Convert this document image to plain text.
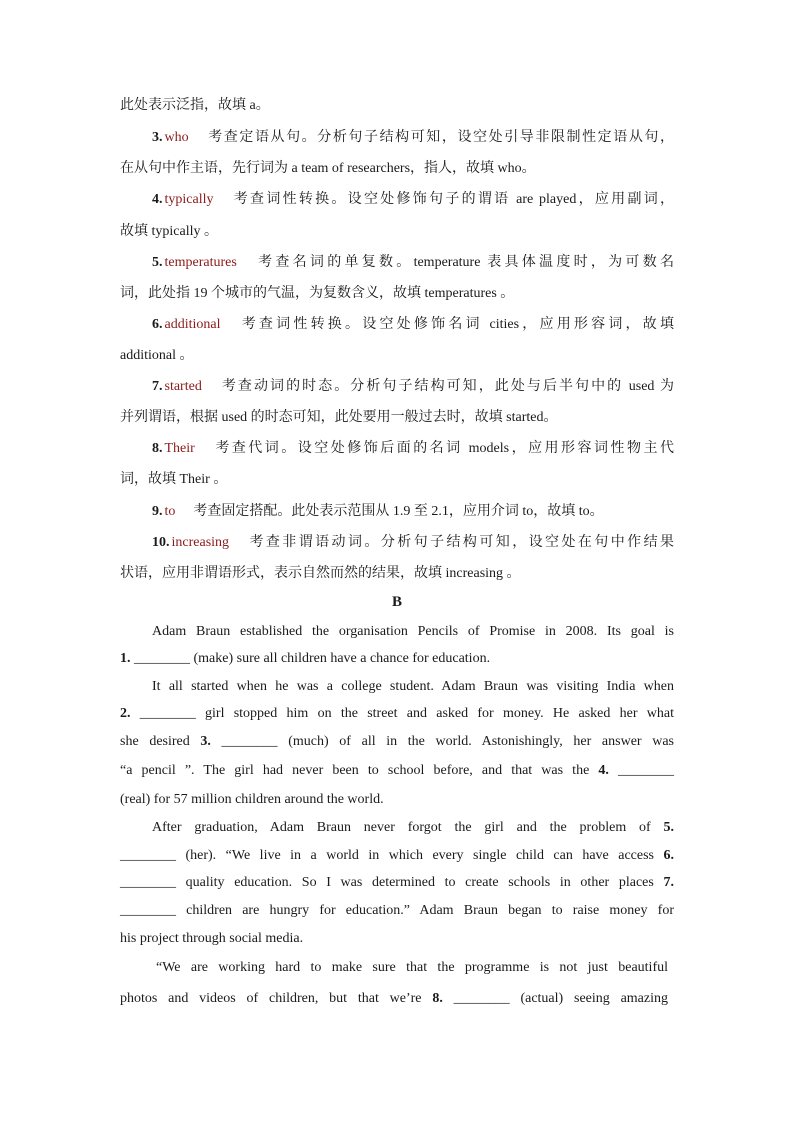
此处表示泛指，故填 a。
3. who 考查定语从句。分析句子结构可知，设空处引导非限制性定语从句，
在从句中作主语，先行词为 a team of researchers，指人，故填 who。
4. typically 考查词性转换。设空处修饰句子的谓语 are played，应用副词，
故填 typically 。
5. temperatures 考查名词的单复数。temperature 表具体温度时，为可数名
词，此处指 19 个城市的气温，为复数含义，故填 temperatures 。
6. additional 考查词性转换。设空处修饰名词 cities，应用形容词，故填
additional 。
7. started 考查动词的时态。分析句子结构可知，此处与后半句中的 used 为
并列谓语，根据 used 的时态可知，此处要用一般过去时，故填 started。
8. Their 考查代词。设空处修饰后面的名词 models，应用形容词性物主代
词，故填 Their 。
9. to 考查固定搭配。此处表示范围从 1.9 至 2.1，应用介词 to，故填 to。
10. increasing 考查非谓语动词。分析句子结构可知，设空处在句中作结果
状语，应用非谓语形式，表示自然而然的结果，故填 increasing 。
B
Adam Braun established the organisation Pencils of Promise in 2008. Its goal is
1. ________ (make) sure all children have a chance for education.
It all started when he was a college student. Adam Braun was visiting India when
2. ________ girl stopped him on the street and asked for money. He asked her what
she desired 3. ________ (much) of all in the world. Astonishingly, her answer was
“a pencil ”. The girl had never been to school before, and that was the 4. ________
(real) for 57 million children around the world.
After graduation, Adam Braun never forgot the girl and the problem of 5.
________ (her). “We live in a world in which every single child can have access 6.
________ quality education. So I was determined to create schools in other places 7.
________ children are hungry for education.” Adam Braun began to raise money for
his project through social media.
“We are working hard to make sure that the programme is not just beautiful
photos and videos of children, but that we’re 8. ________ (actual) seeing amazing
